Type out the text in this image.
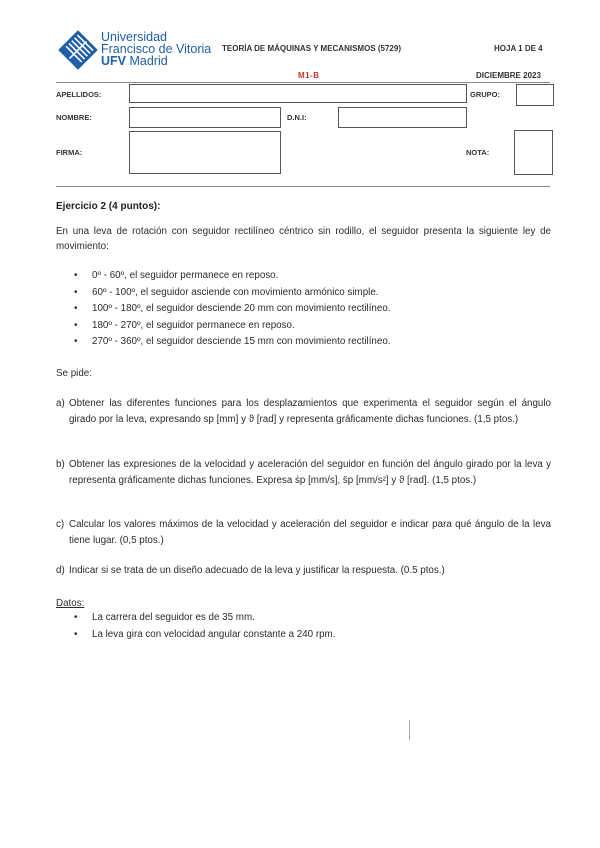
Universidad
Francisco de Vitoria
UFV Madrid
TEORÍA DE MÁQUINAS Y MECANISMOS (5729)	HOJA 1 DE 4
M1-B	DICIEMBRE 2023
APELLIDOS:	GRUPO:
NOMBRE:	D.N.I:
FIRMA:	NOTA:
Ejercicio 2 (4 puntos):
En una leva de rotación con seguidor rectilíneo céntrico sin rodillo, el seguidor presenta la siguiente ley de movimiento:
• 0º - 60º, el seguidor permanece en reposo.
• 60º - 100º, el seguidor asciende con movimiento armónico simple.
• 100º - 180º, el seguidor desciende 20 mm con movimiento rectilíneo.
• 180º - 270º, el seguidor permanece en reposo.
• 270º - 360º, el seguidor desciende 15 mm con movimiento rectilíneo.
Se pide:
a) Obtener las diferentes funciones para los desplazamientos que experimenta el seguidor según el ángulo girado por la leva, expresando sp [mm] y ϑ [rad] y representa gráficamente dichas funciones. (1,5 ptos.)
b) Obtener las expresiones de la velocidad y aceleración del seguidor en función del ángulo girado por la leva y representa gráficamente dichas funciones. Expresa ṡp [mm/s], s̈p [mm/s²] y ϑ [rad]. (1,5 ptos.)
c) Calcular los valores máximos de la velocidad y aceleración del seguidor e indicar para qué ángulo de la leva tiene lugar. (0,5 ptos.)
d) Indicar si se trata de un diseño adecuado de la leva y justificar la respuesta. (0.5 ptos.)
Datos:
• La carrera del seguidor es de 35 mm.
• La leva gira con velocidad angular constante a 240 rpm.
